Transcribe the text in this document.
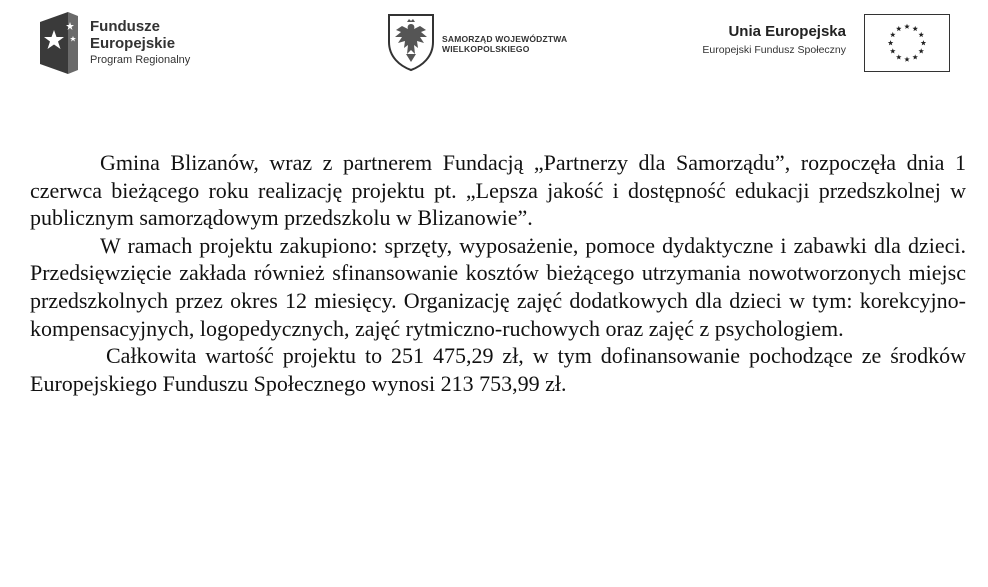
Fundusze
Europejskie
Program Regionalny
SAMORZĄD WOJEWÓDZTWA
WIELKOPOLSKIEGO
Unia Europejska
Europejski Fundusz Społeczny

Gmina Blizanów, wraz z partnerem Fundacją „Partnerzy dla Samorządu”, rozpoczęła dnia 1 czerwca bieżącego roku realizację projektu pt. „Lepsza jakość i dostępność edukacji przedszkolnej w publicznym samorządowym przedszkolu w Blizanowie”.

W ramach projektu zakupiono: sprzęty, wyposażenie, pomoce dydaktyczne i zabawki dla dzieci. Przedsięwzięcie zakłada również sfinansowanie kosztów bieżącego utrzymania nowotworzonych miejsc przedszkolnych przez okres 12 miesięcy. Organizację zajęć dodatkowych dla dzieci w tym: korekcyjno-kompensacyjnych, logopedycznych, zajęć rytmiczno-ruchowych oraz zajęć z psychologiem.

Całkowita wartość projektu to 251 475,29 zł, w tym dofinansowanie pochodzące ze środków Europejskiego Funduszu Społecznego wynosi 213 753,99 zł.
